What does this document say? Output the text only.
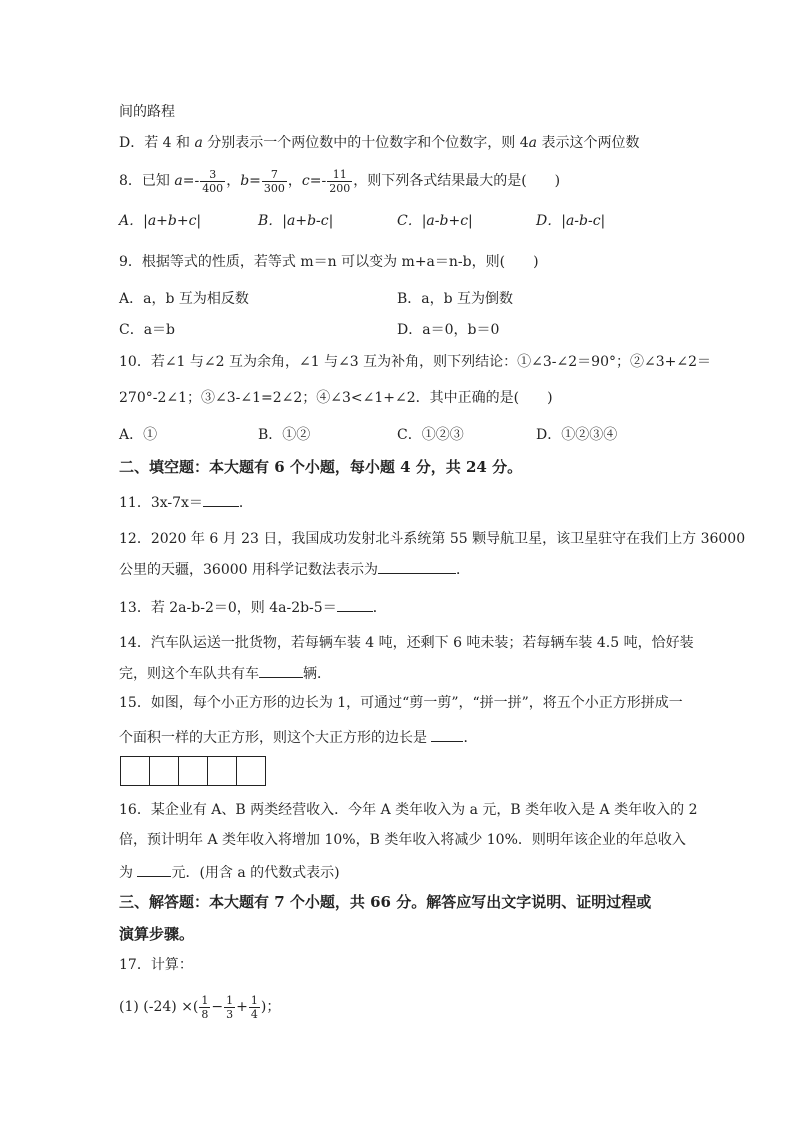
间的路程
D．若 4 和 a 分别表示一个两位数中的十位数字和个位数字，则 4a 表示这个两位数
8．已知 $a=- \frac{3}{400}$ ，$b= \frac{7}{300}$ ，$c=- \frac{11}{200}$ ，则下列各式结果最大的是(　　)
A．|a+b+c|	B．|a+b-c|	C．|a-b+c|	D．|a-b-c|
9．根据等式的性质，若等式 m＝n 可以变为 m+a＝n-b，则(　　)
A．a，b 互为相反数	B．a，b 互为倒数
C．a＝b	D．a＝0，b＝0
10．若∠1 与∠2 互为余角，∠1 与∠3 互为补角，则下列结论：①∠3-∠2＝90°；②∠3+∠2＝
270°-2∠1；③∠3-∠1=2∠2；④∠3<∠1+∠2．其中正确的是(　　)
A．①	B．①②	C．①②③	D．①②③④
二、填空题：本大题有 6 个小题，每小题 4 分，共 24 分。
11．3x-7x＝	．
12．2020 年 6 月 23 日，我国成功发射北斗系统第 55 颗导航卫星，该卫星驻守在我们上方 36000
公里的天疆，36000 用科学记数法表示为	．
13．若 2a-b-2＝0，则 4a-2b-5＝	．
14．汽车队运送一批货物，若每辆车装 4 吨，还剩下 6 吨未装；若每辆车装 4.5 吨，恰好装
完，则这个车队共有车	辆．
15．如图，每个小正方形的边长为 1，可通过“剪一剪”，“拼一拼”，将五个小正方形拼成一
个面积一样的大正方形，则这个大正方形的边长是 ．
16．某企业有 A、B 两类经营收入．今年 A 类年收入为 a 元，B 类年收入是 A 类年收入的 2
倍，预计明年 A 类年收入将增加 10%，B 类年收入将减少 10%．则明年该企业的年总收入
为 元．(用含 a 的代数式表示)
三、解答题：本大题有 7 个小题，共 66 分。解答应写出文字说明、证明过程或
演算步骤。
17．计算：
(1) (-24) ×( $\frac{1}{8} - \frac{1}{3} + \frac{1}{4}$ )；
